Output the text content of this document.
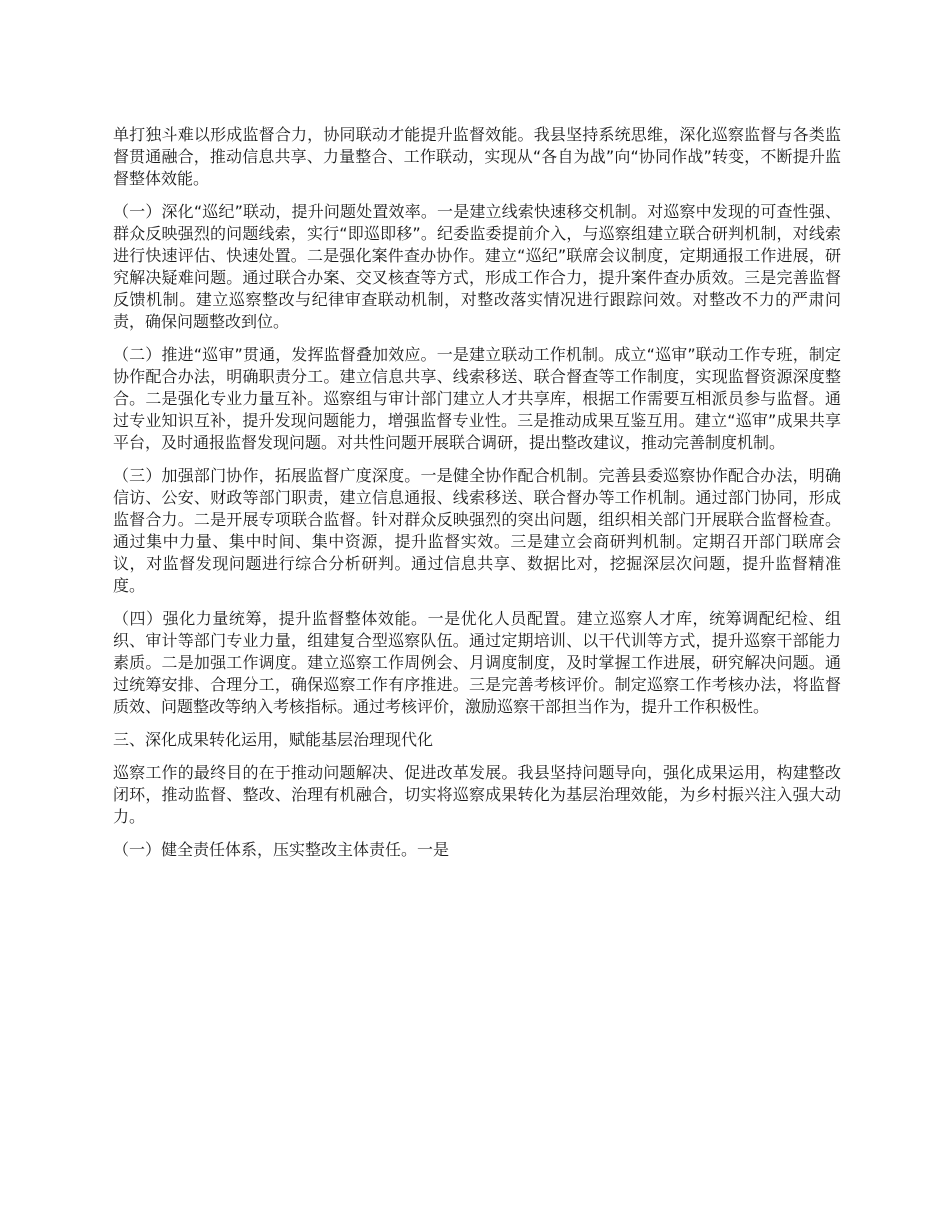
单打独斗难以形成监督合力，协同联动才能提升监督效能。我县坚持系统思维，深化巡察监督与各类监督贯通融合，推动信息共享、力量整合、工作联动，实现从“各自为战”向“协同作战”转变，不断提升监督整体效能。

（一）深化“巡纪”联动，提升问题处置效率。一是建立线索快速移交机制。对巡察中发现的可查性强、群众反映强烈的问题线索，实行“即巡即移”。纪委监委提前介入，与巡察组建立联合研判机制，对线索进行快速评估、快速处置。二是强化案件查办协作。建立“巡纪”联席会议制度，定期通报工作进展，研究解决疑难问题。通过联合办案、交叉核查等方式，形成工作合力，提升案件查办质效。三是完善监督反馈机制。建立巡察整改与纪律审查联动机制，对整改落实情况进行跟踪问效。对整改不力的严肃问责，确保问题整改到位。

（二）推进“巡审”贯通，发挥监督叠加效应。一是建立联动工作机制。成立“巡审”联动工作专班，制定协作配合办法，明确职责分工。建立信息共享、线索移送、联合督查等工作制度，实现监督资源深度整合。二是强化专业力量互补。巡察组与审计部门建立人才共享库，根据工作需要互相派员参与监督。通过专业知识互补，提升发现问题能力，增强监督专业性。三是推动成果互鉴互用。建立“巡审”成果共享平台，及时通报监督发现问题。对共性问题开展联合调研，提出整改建议，推动完善制度机制。

（三）加强部门协作，拓展监督广度深度。一是健全协作配合机制。完善县委巡察协作配合办法，明确信访、公安、财政等部门职责，建立信息通报、线索移送、联合督办等工作机制。通过部门协同，形成监督合力。二是开展专项联合监督。针对群众反映强烈的突出问题，组织相关部门开展联合监督检查。通过集中力量、集中时间、集中资源，提升监督实效。三是建立会商研判机制。定期召开部门联席会议，对监督发现问题进行综合分析研判。通过信息共享、数据比对，挖掘深层次问题，提升监督精准度。

（四）强化力量统筹，提升监督整体效能。一是优化人员配置。建立巡察人才库，统筹调配纪检、组织、审计等部门专业力量，组建复合型巡察队伍。通过定期培训、以干代训等方式，提升巡察干部能力素质。二是加强工作调度。建立巡察工作周例会、月调度制度，及时掌握工作进展，研究解决问题。通过统筹安排、合理分工，确保巡察工作有序推进。三是完善考核评价。制定巡察工作考核办法，将监督质效、问题整改等纳入考核指标。通过考核评价，激励巡察干部担当作为，提升工作积极性。

三、深化成果转化运用，赋能基层治理现代化

巡察工作的最终目的在于推动问题解决、促进改革发展。我县坚持问题导向，强化成果运用，构建整改闭环，推动监督、整改、治理有机融合，切实将巡察成果转化为基层治理效能，为乡村振兴注入强大动力。

（一）健全责任体系，压实整改主体责任。一是
